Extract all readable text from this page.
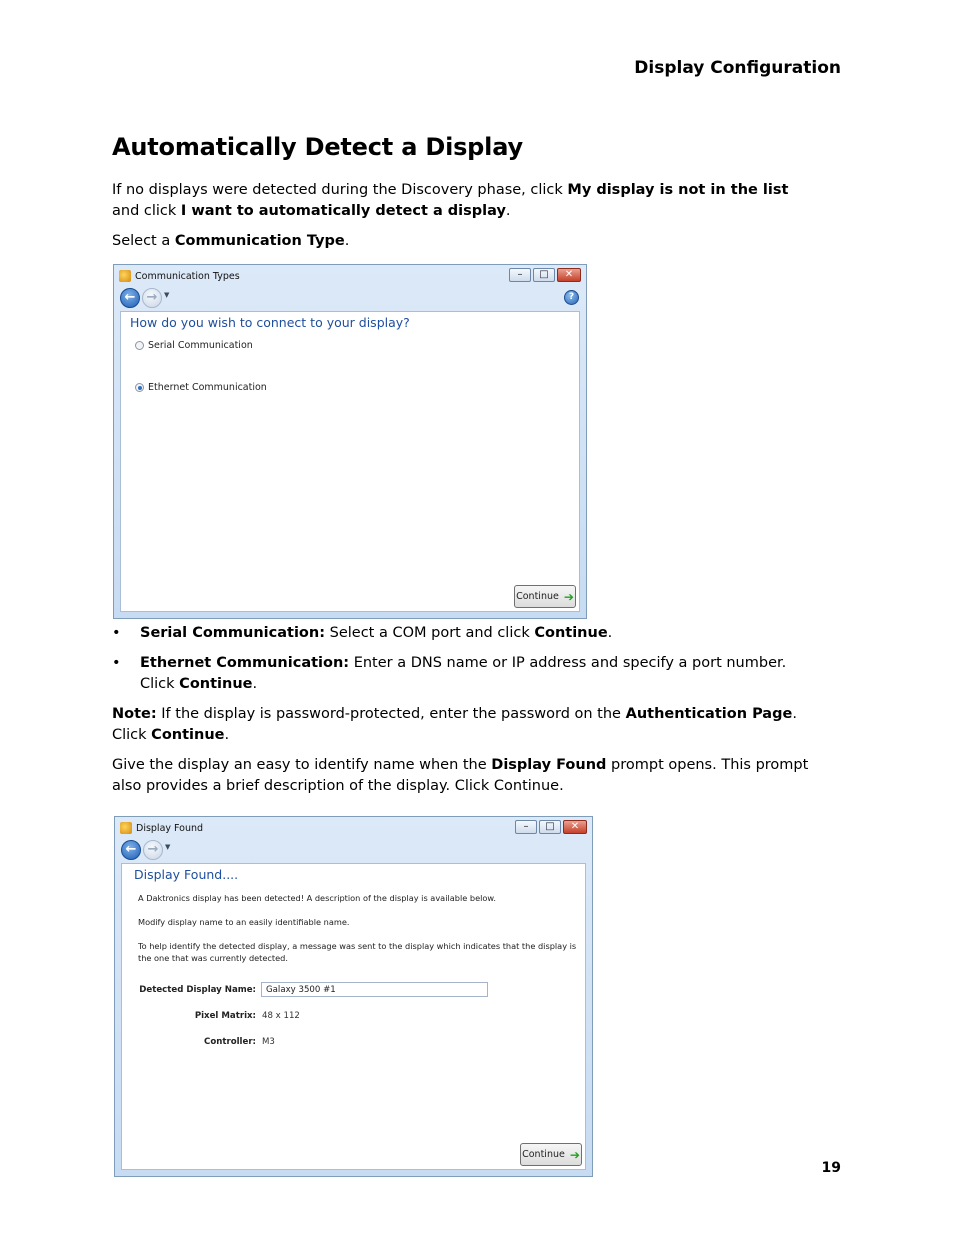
Display Configuration
Automatically Detect a Display
If no displays were detected during the Discovery phase, click My display is not in the list and click I want to automatically detect a display.
Select a Communication Type.
Communication Types	–	□	✕
← → ▼	?
How do you wish to connect to your display?
Serial Communication
Ethernet Communication
Continue ➔
• Serial Communication: Select a COM port and click Continue.
• Ethernet Communication: Enter a DNS name or IP address and specify a port number. Click Continue.
Note: If the display is password-protected, enter the password on the Authentication Page. Click Continue.
Give the display an easy to identify name when the Display Found prompt opens. This prompt also provides a brief description of the display. Click Continue.
Display Found	–	□	✕
← → ▼
Display Found....
A Daktronics display has been detected! A description of the display is available below.
Modify display name to an easily identifiable name.
To help identify the detected display, a message was sent to the display which indicates that the display is the one that was currently detected.
Detected Display Name:	Galaxy 3500 #1
Pixel Matrix: 48 x 112
Controller: M3
Continue ➔
19
